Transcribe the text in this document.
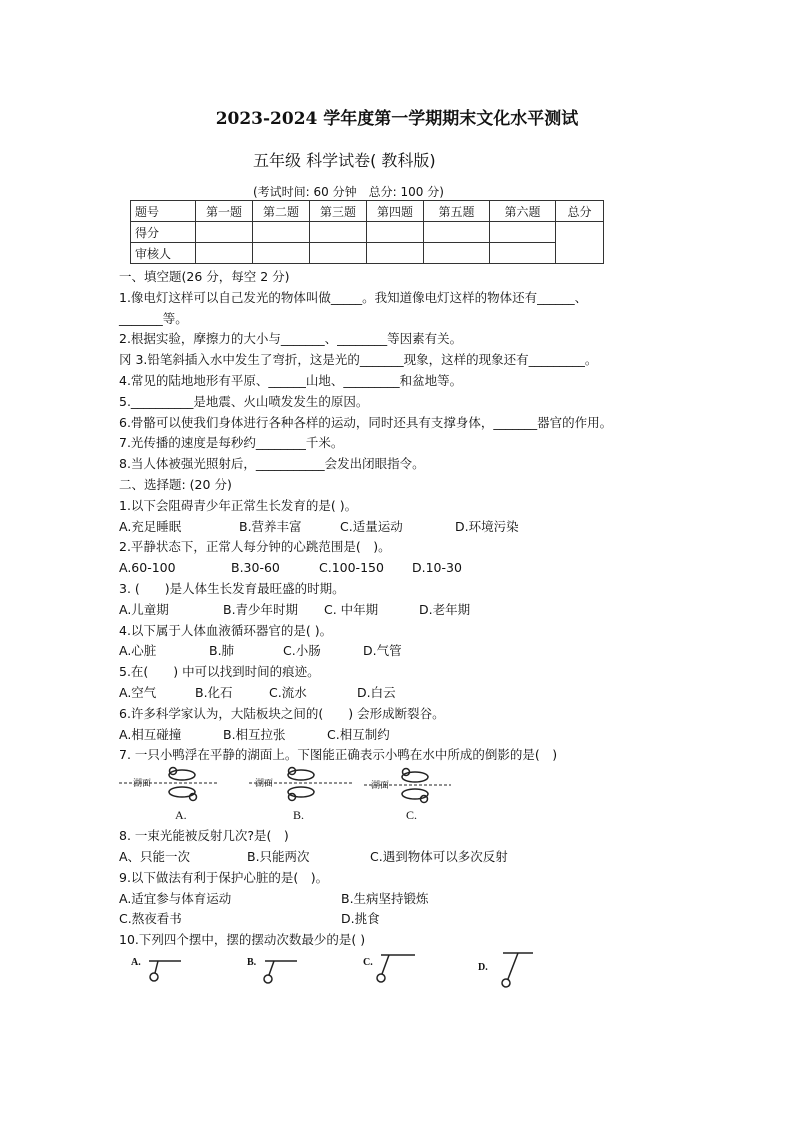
2023-2024 学年度第一学期期末文化水平测试
五年级 科学试卷( 教科版)
(考试时间: 60 分钟　总分: 100 分)
题号	第一题	第二题	第三题	第四题	第五题	第六题	总分
得分							
审核人							
一、填空题(26 分，每空 2 分)
1.像电灯这样可以自己发光的物体叫做_____。我知道像电灯这样的物体还有______、
_______等。
2.根据实验，摩擦力的大小与_______、________等因素有关。
冈 3.铅笔斜插入水中发生了弯折，这是光的_______现象，这样的现象还有_________。
4.常见的陆地地形有平原、______山地、_________和盆地等。
5.__________是地震、火山喷发发生的原因。
6.骨骼可以使我们身体进行各种各样的运动，同时还具有支撑身体，_______器官的作用。
7.光传播的速度是每秒约________千米。
8.当人体被强光照射后，___________会发出闭眼指令。
二、选择题: (20 分)
1.以下会阻碍青少年正常生长发育的是( )。
A.充足睡眠	B.营养丰富	C.适量运动	D.环境污染
2.平静状态下，正常人每分钟的心跳范围是(　)。
A.60-100	B.30-60	C.100-150 D.10-30
3. (　　)是人体生长发育最旺盛的时期。
A.儿童期	B.青少年时期 C. 中年期	D.老年期
4.以下属于人体血液循环器官的是( )。
A.心脏	B.肺	C.小肠	D.气管
5.在(　　) 中可以找到时间的痕迹。
A.空气	B.化石	C.流水	D.白云
6.许多科学家认为，大陆板块之间的(　　) 会形成断裂谷。
A.相互碰撞	B.相互拉张	C.相互制约
7. 一只小鸭浮在平静的湖面上。下图能正确表示小鸭在水中所成的倒影的是(　)
湖面	湖面	湖面
A.	B.	C.
8. 一束光能被反射几次?是(　)
A、只能一次	B.只能两次	C.遇到物体可以多次反射
9.以下做法有利于保护心脏的是(　)。
A.适宜参与体育运动	B.生病坚持锻炼
C.熬夜看书	D.挑食
10.下列四个摆中，摆的摆动次数最少的是( )
A.	B.	C.	D.
